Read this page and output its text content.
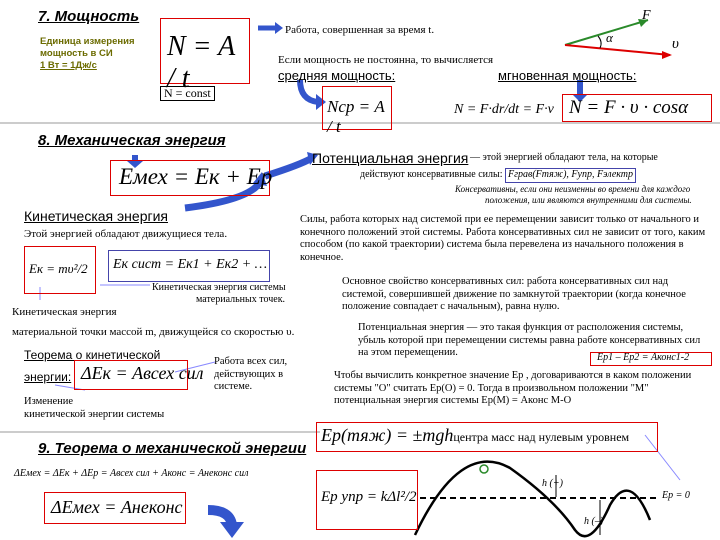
7. Мощность
Единица измерения
мощность в СИ
1 Вт = 1Дж/с
N = A / t
N = const
Работа, совершенная за время t.
Если мощность не постоянна, то вычисляется
средняя мощность:
Nср = A / t
мгновенная мощность:
N = F·dr/dt = F·v N = F · υ · cosα
F
υ
α
8. Механическая энергия
Eмех = Eк + Eр
Потенциальная энергия — этой энергией обладают тела, на которые
действуют консервативные силы: Fграв(Fтяж), Fупр, Fэлектр
Консервативны, если они неизменны во времени для каждого
положения, или являются внутренними для системы.
Кинетическая энергия
Этой энергией обладают движущиеся тела.
Eк = mυ²/2 Eк сист = Eк1 + Eк2 + …
Кинетическая энергия системы
материальных точек.
Кинетическая энергия
материальной точки массой m, движущейся со скоростью υ.
Силы, работа которых над системой при ее перемещении зависит только от начального и конечного положений этой системы. Работа консервативных сил не зависит от того, каким способом (по какой траектории) система была перевелена из начального положения в конечное.
Основное свойство консервативных сил: работа консервативных сил над системой, совершившей движение по замкнутой траектории (когда конечное положение совпадает с начальным), равна нулю.
Потенциальная энергия — это такая функция от расположения системы, убыль которой при перемещении системы равна работе консервативных сил на этом перемещении.	Eр1 – Eр2 = Aконс1-2
Теорема о кинетической
энергии: ΔEк = Aвсех сил
Работа всех сил,
действующих в
системе.
Изменение
кинетической энергии системы
Чтобы вычислить конкретное значение Eр , договариваются в каком положении системы "О" считать Eр(О) = 0. Тогда в произвольном положении "М" потенциальная энергия системы Eр(М) = Aконс М-О
Eр(тяж) = ±mghцентра масс над нулевым уровнем
Eр упр = kΔl²/2	Eр = 0
h (+)
h (–)
9. Теорема о механической энергии
ΔEмех = ΔEк + ΔEр = Aвсех сил + Aконс = Aнеконс сил
ΔEмех = Aнеконс
